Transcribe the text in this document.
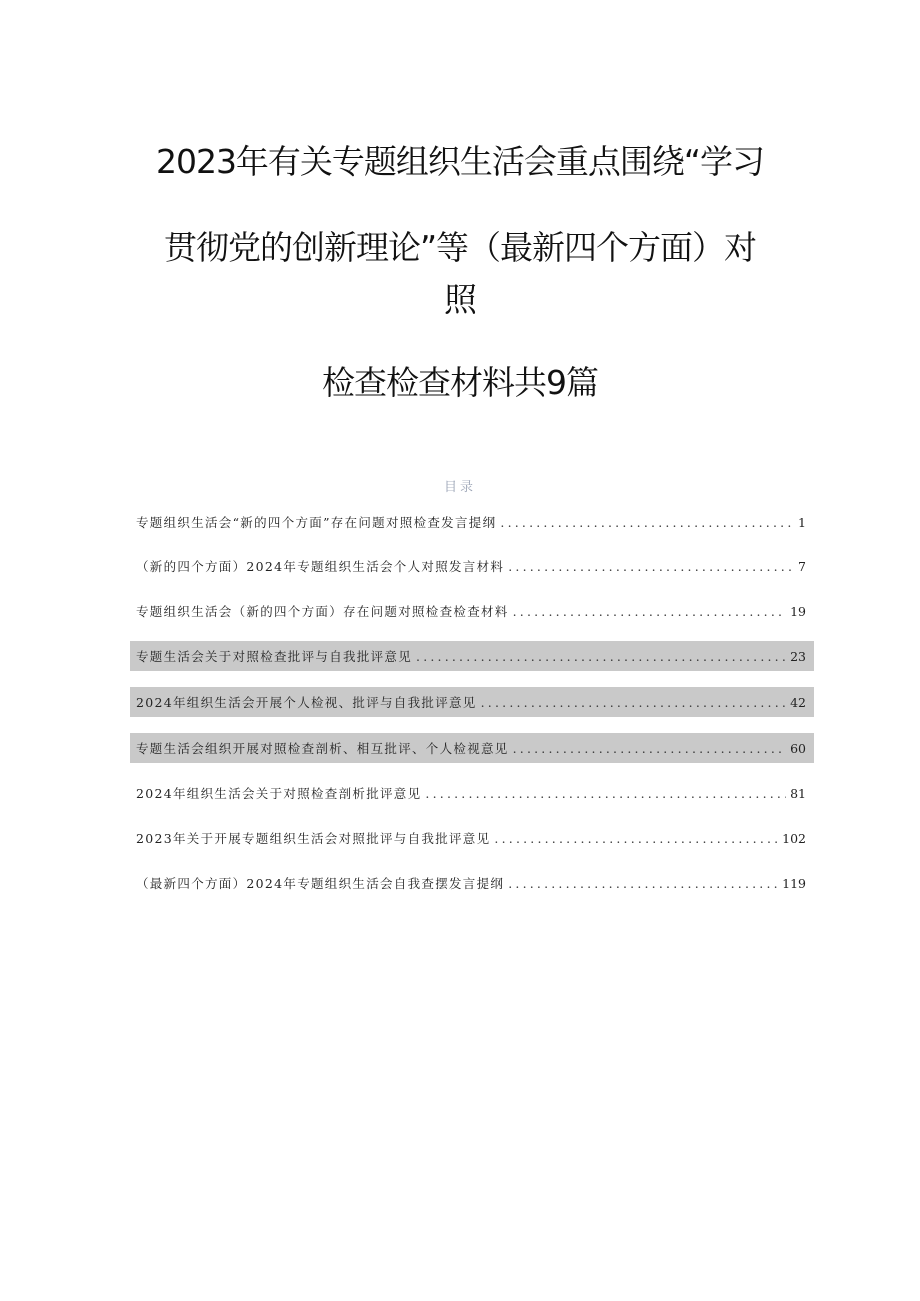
2023年有关专题组织生活会重点围绕“学习
贯彻党的创新理论”等（最新四个方面）对
照
检查检查材料共9篇
目录
专题组织生活会“新的四个方面”存在问题对照检查发言提纲 .....	1
（新的四个方面）2024年专题组织生活会个人对照发言材料 .....	7
专题组织生活会（新的四个方面）存在问题对照检查检查材料 .....	19
专题生活会关于对照检查批评与自我批评意见 .....	23
2024年组织生活会开展个人检视、批评与自我批评意见 .....	42
专题生活会组织开展对照检查剖析、相互批评、个人检视意见 .....	60
2024年组织生活会关于对照检查剖析批评意见 .....	81
2023年关于开展专题组织生活会对照批评与自我批评意见 .....	102
（最新四个方面）2024年专题组织生活会自我查摆发言提纲 .....	119
